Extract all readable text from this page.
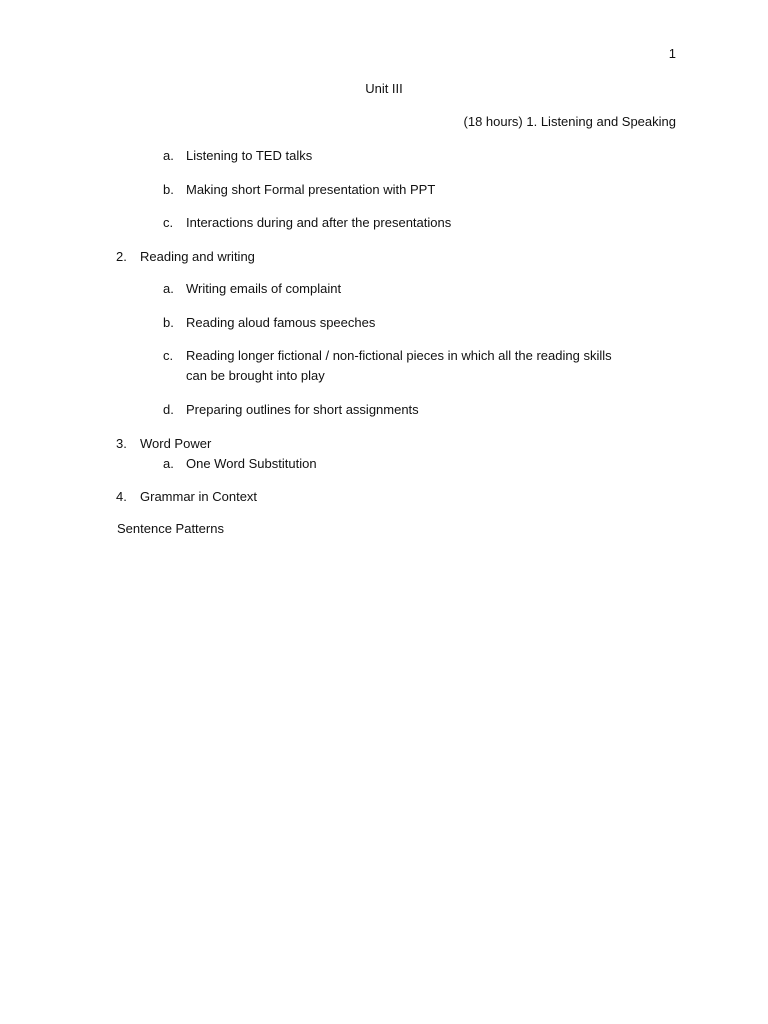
1
Unit III
(18 hours) 1. Listening and Speaking
a. Listening to TED talks
b. Making short Formal presentation with PPT
c. Interactions during and after the presentations
2. Reading and writing
a. Writing emails of complaint
b. Reading aloud famous speeches
c. Reading longer fictional / non-fictional pieces in which all the reading skills
can be brought into play
d. Preparing outlines for short assignments
3. Word Power
a. One Word Substitution
4. Grammar in Context
Sentence Patterns
